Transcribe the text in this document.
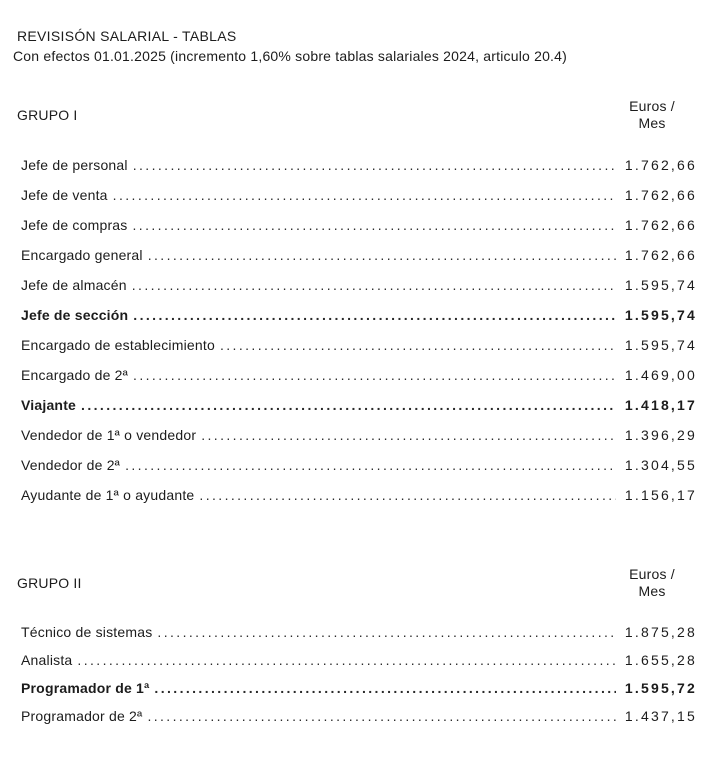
REVISISÓN SALARIAL - TABLAS

Con efectos 01.01.2025 (incremento 1,60% sobre tablas salariales 2024, articulo 20.4)

GRUPO I
Euros /
Mes
Jefe de personal .....	1.762,66
Jefe de venta .....	1.762,66
Jefe de compras .....	1.762,66
Encargado general .....	1.762,66
Jefe de almacén .....	1.595,74
Jefe de sección .....	1.595,74
Encargado de establecimiento .....	1.595,74
Encargado de 2ª .....	1.469,00
Viajante .....	1.418,17
Vendedor de 1ª o vendedor .....	1.396,29
Vendedor de 2ª .....	1.304,55
Ayudante de 1ª o ayudante .....	1.156,17
GRUPO II
Euros /
Mes
Técnico de sistemas .....	1.875,28
Analista .....	1.655,28
Programador de 1ª .....	1.595,72
Programador de 2ª .....	1.437,15
